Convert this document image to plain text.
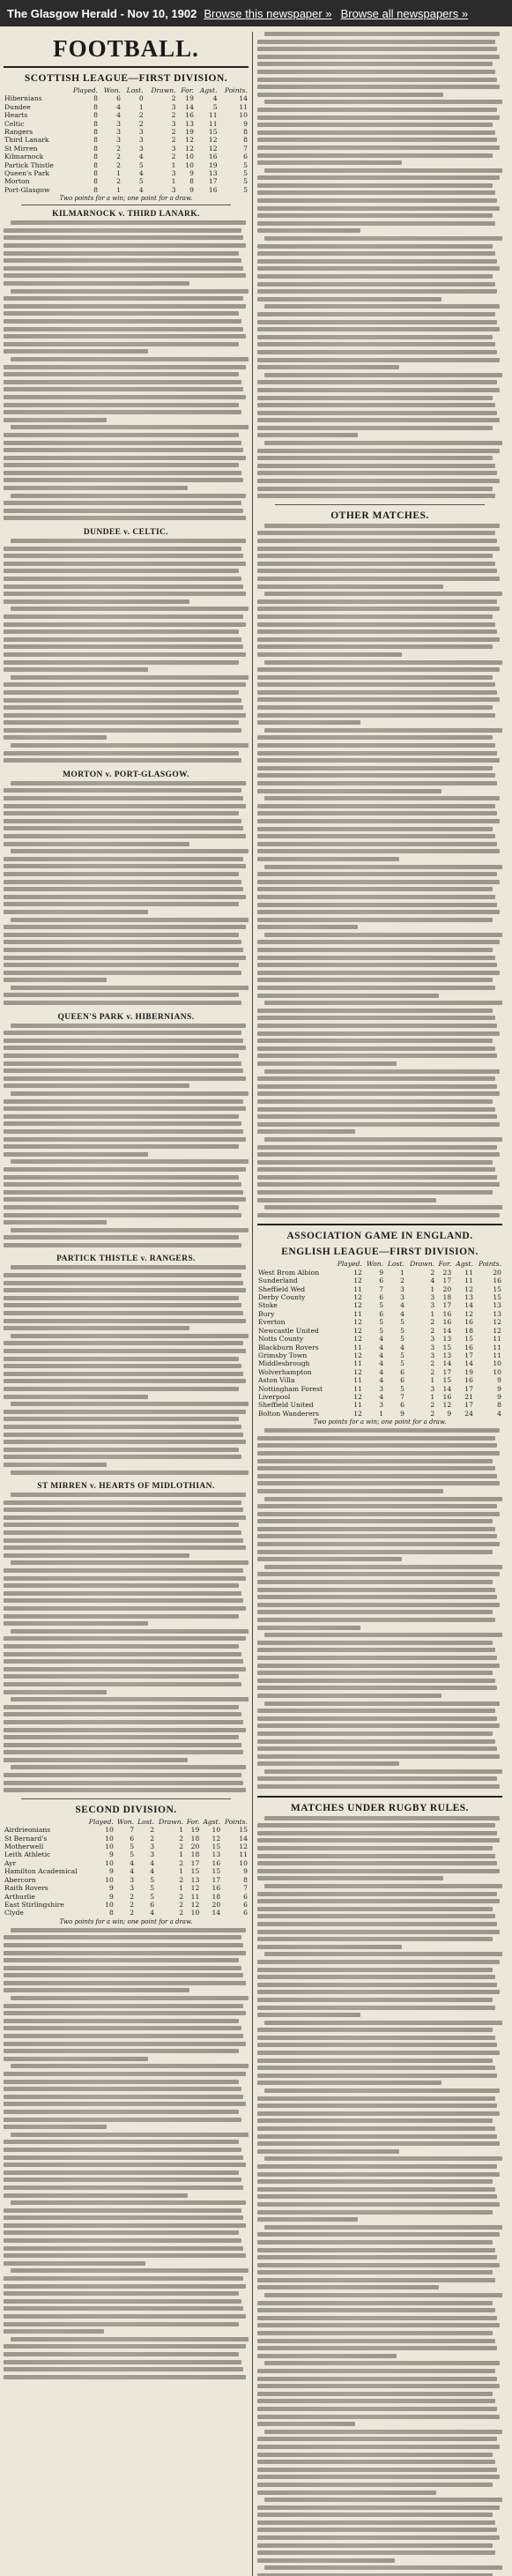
The Glasgow Herald - Nov 10, 1902 Browse this newspaper » Browse all newspapers »
FOOTBALL.
SCOTTISH LEAGUE—FIRST DIVISION.
	Played.	Won.	Lost.	Drawn.	For.	Agst.	Points.
Hibernians	8	6	0	2	19	4	14
Dundee	8	4	1	3	14	5	11
Hearts	8	4	2	2	16	11	10
Celtic	8	3	2	3	13	11	9
Rangers	8	3	3	2	19	15	8
Third Lanark	8	3	3	2	12	12	8
St Mirren	8	2	3	3	12	12	7
Kilmarnock	8	2	4	2	10	16	6
Partick Thistle	8	2	5	1	10	19	5
Queen's Park	8	1	4	3	9	13	5
Morton	8	2	5	1	8	17	5
Port-Glasgow	8	1	4	3	9	16	5
Two points for a win; one point for a draw.
KILMARNOCK v. THIRD LANARK.
DUNDEE v. CELTIC.
MORTON v. PORT-GLASGOW.
QUEEN'S PARK v. HIBERNIANS.
PARTICK THISTLE v. RANGERS.
ST MIRREN v. HEARTS OF MIDLOTHIAN.
SECOND DIVISION.
	Played.	Won.	Lost.	Drawn.	For.	Agst.	Points.
Airdrieonians	10	7	2	1	19	10	15
St Bernard's	10	6	2	2	18	12	14
Motherwell	10	5	3	2	20	15	12
Leith Athletic	9	5	3	1	18	13	11
Ayr	10	4	4	2	17	16	10
Hamilton Academical	9	4	4	1	15	15	9
Abercorn	10	3	5	2	13	17	8
Raith Rovers	9	3	5	1	12	16	7
Arthurlie	9	2	5	2	11	18	6
East Stirlingshire	10	2	6	2	12	20	6
Clyde	8	2	4	2	10	14	6
Two points for a win; one point for a draw.
OTHER MATCHES.
ASSOCIATION GAME IN ENGLAND.
ENGLISH LEAGUE—FIRST DIVISION.
	Played.	Won.	Lost.	Drawn.	For.	Agst.	Points.
West Brom Albion	12	9	1	2	23	11	20
Sunderland	12	6	2	4	17	11	16
Sheffield Wed	11	7	3	1	20	12	15
Derby County	12	6	3	3	18	13	15
Stoke	12	5	4	3	17	14	13
Bury	11	6	4	1	16	12	13
Everton	12	5	5	2	16	16	12
Newcastle United	12	5	5	2	14	18	12
Notts County	12	4	5	3	13	15	11
Blackburn Rovers	11	4	4	3	15	16	11
Grimsby Town	12	4	5	3	13	17	11
Middlesbrough	11	4	5	2	14	14	10
Wolverhampton	12	4	6	2	17	19	10
Aston Villa	11	4	6	1	15	16	9
Nottingham Forest	11	3	5	3	14	17	9
Liverpool	12	4	7	1	16	21	9
Sheffield United	11	3	6	2	12	17	8
Bolton Wanderers	12	1	9	2	9	24	4
Two points for a win; one point for a draw.
MATCHES UNDER RUGBY RULES.
